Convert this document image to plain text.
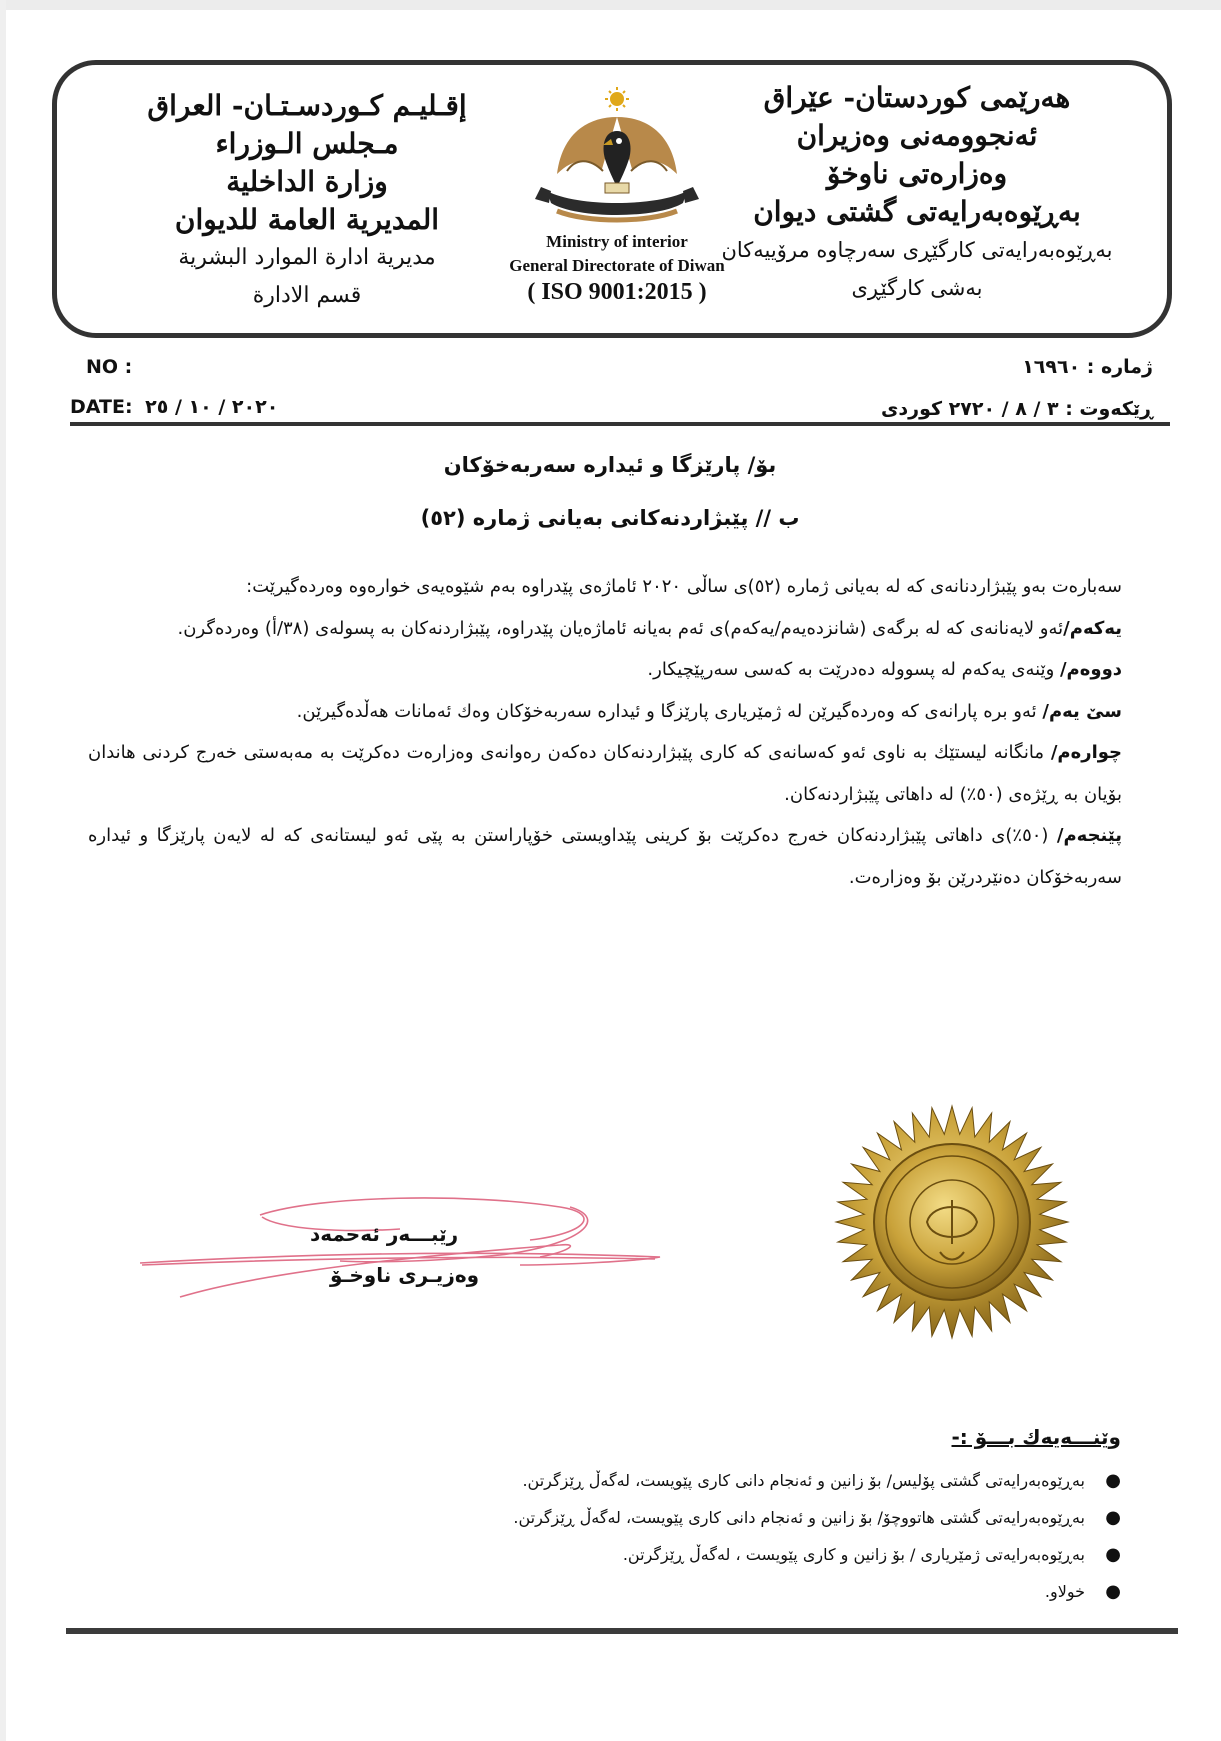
هەرێمی کوردستان- عێراق
ئەنجوومەنی وەزیران
وەزارەتی ناوخۆ
بەڕێوەبەرایەتی گشتی دیوان
بەڕێوەبەرایەتی کارگێڕی سەرچاوە مرۆییەکان
بەشی کارگێڕی
Ministry of interior
General Directorate of Diwan
( ISO 9001:2015 )
إقـليـم كـوردسـتـان- العراق
مـجلس الـوزراء
وزارة الداخلية
المديرية العامة للديوان
مديرية ادارة الموارد البشرية
قسم الادارة
NO :
DATE: ٢٠٢٠ / ١٠ / ٢٥
ژمارە : ١٦٩٦٠
ڕێکەوت : ٣ / ٨ / ٢٧٢٠ کوردی
بۆ/ پارێزگا و ئیدارە سەربەخۆکان
ب // پێبژاردنەکانی بەیانی ژمارە (٥٢)

سەبارەت بەو پێبژاردنانەی کە لە بەیانی ژمارە (٥٢)ی ساڵی ٢٠٢٠ ئاماژەی پێدراوە بەم شێوەیەی خوارەوە وەردەگیرێت:

یەکەم/ئەو لایەنانەی کە لە برگەی (شانزدەیەم/یەکەم)ی ئەم بەیانە ئاماژەیان پێدراوە، پێبژاردنەکان بە پسولەی (٣٨/أ) وەردەگرن.

دووەم/ وێنەی یەکەم لە پسوولە دەدرێت بە کەسی سەرپێچیکار.

سێ یەم/ ئەو برە پارانەی کە وەردەگیرێن لە ژمێریاری پارێزگا و ئیدارە سەربەخۆکان وەك ئەمانات هەڵدەگیرێن.

چوارەم/ مانگانە لیستێك بە ناوی ئەو کەسانەی کە کاری پێبژاردنەکان دەکەن رەوانەی وەزارەت دەکرێت بە مەبەستی خەرج کردنی هاندان بۆیان بە ڕێژەی (٥٠٪) لە داهاتی پێبژاردنەکان.

پێنجەم/ (٥٠٪)ی داهاتی پێبژاردنەکان خەرج دەکرێت بۆ کرینی پێداویستی خۆپاراستن بە پێی ئەو لیستانەی کە لە لایەن پارێزگا و ئیدارە سەربەخۆکان دەنێردرێن بۆ وەزارەت.

رێبـــەر ئەحمەد
وەزیـری ناوخـۆ
وێنـــەیەك بـــۆ :-
●
بەڕێوەبەرایەتی گشتی پۆلیس/ بۆ زانین و ئەنجام دانی کاری پێویست، لەگەڵ ڕێزگرتن.
●
بەڕێوەبەرایەتی گشتی هاتووچۆ/ بۆ زانین و ئەنجام دانی کاری پێویست، لەگەڵ ڕێزگرتن.
●
بەڕێوەبەرایەتی ژمێریاری / بۆ زانین و کاری پێویست ، لەگەڵ ڕێزگرتن.
●
خولاو.
